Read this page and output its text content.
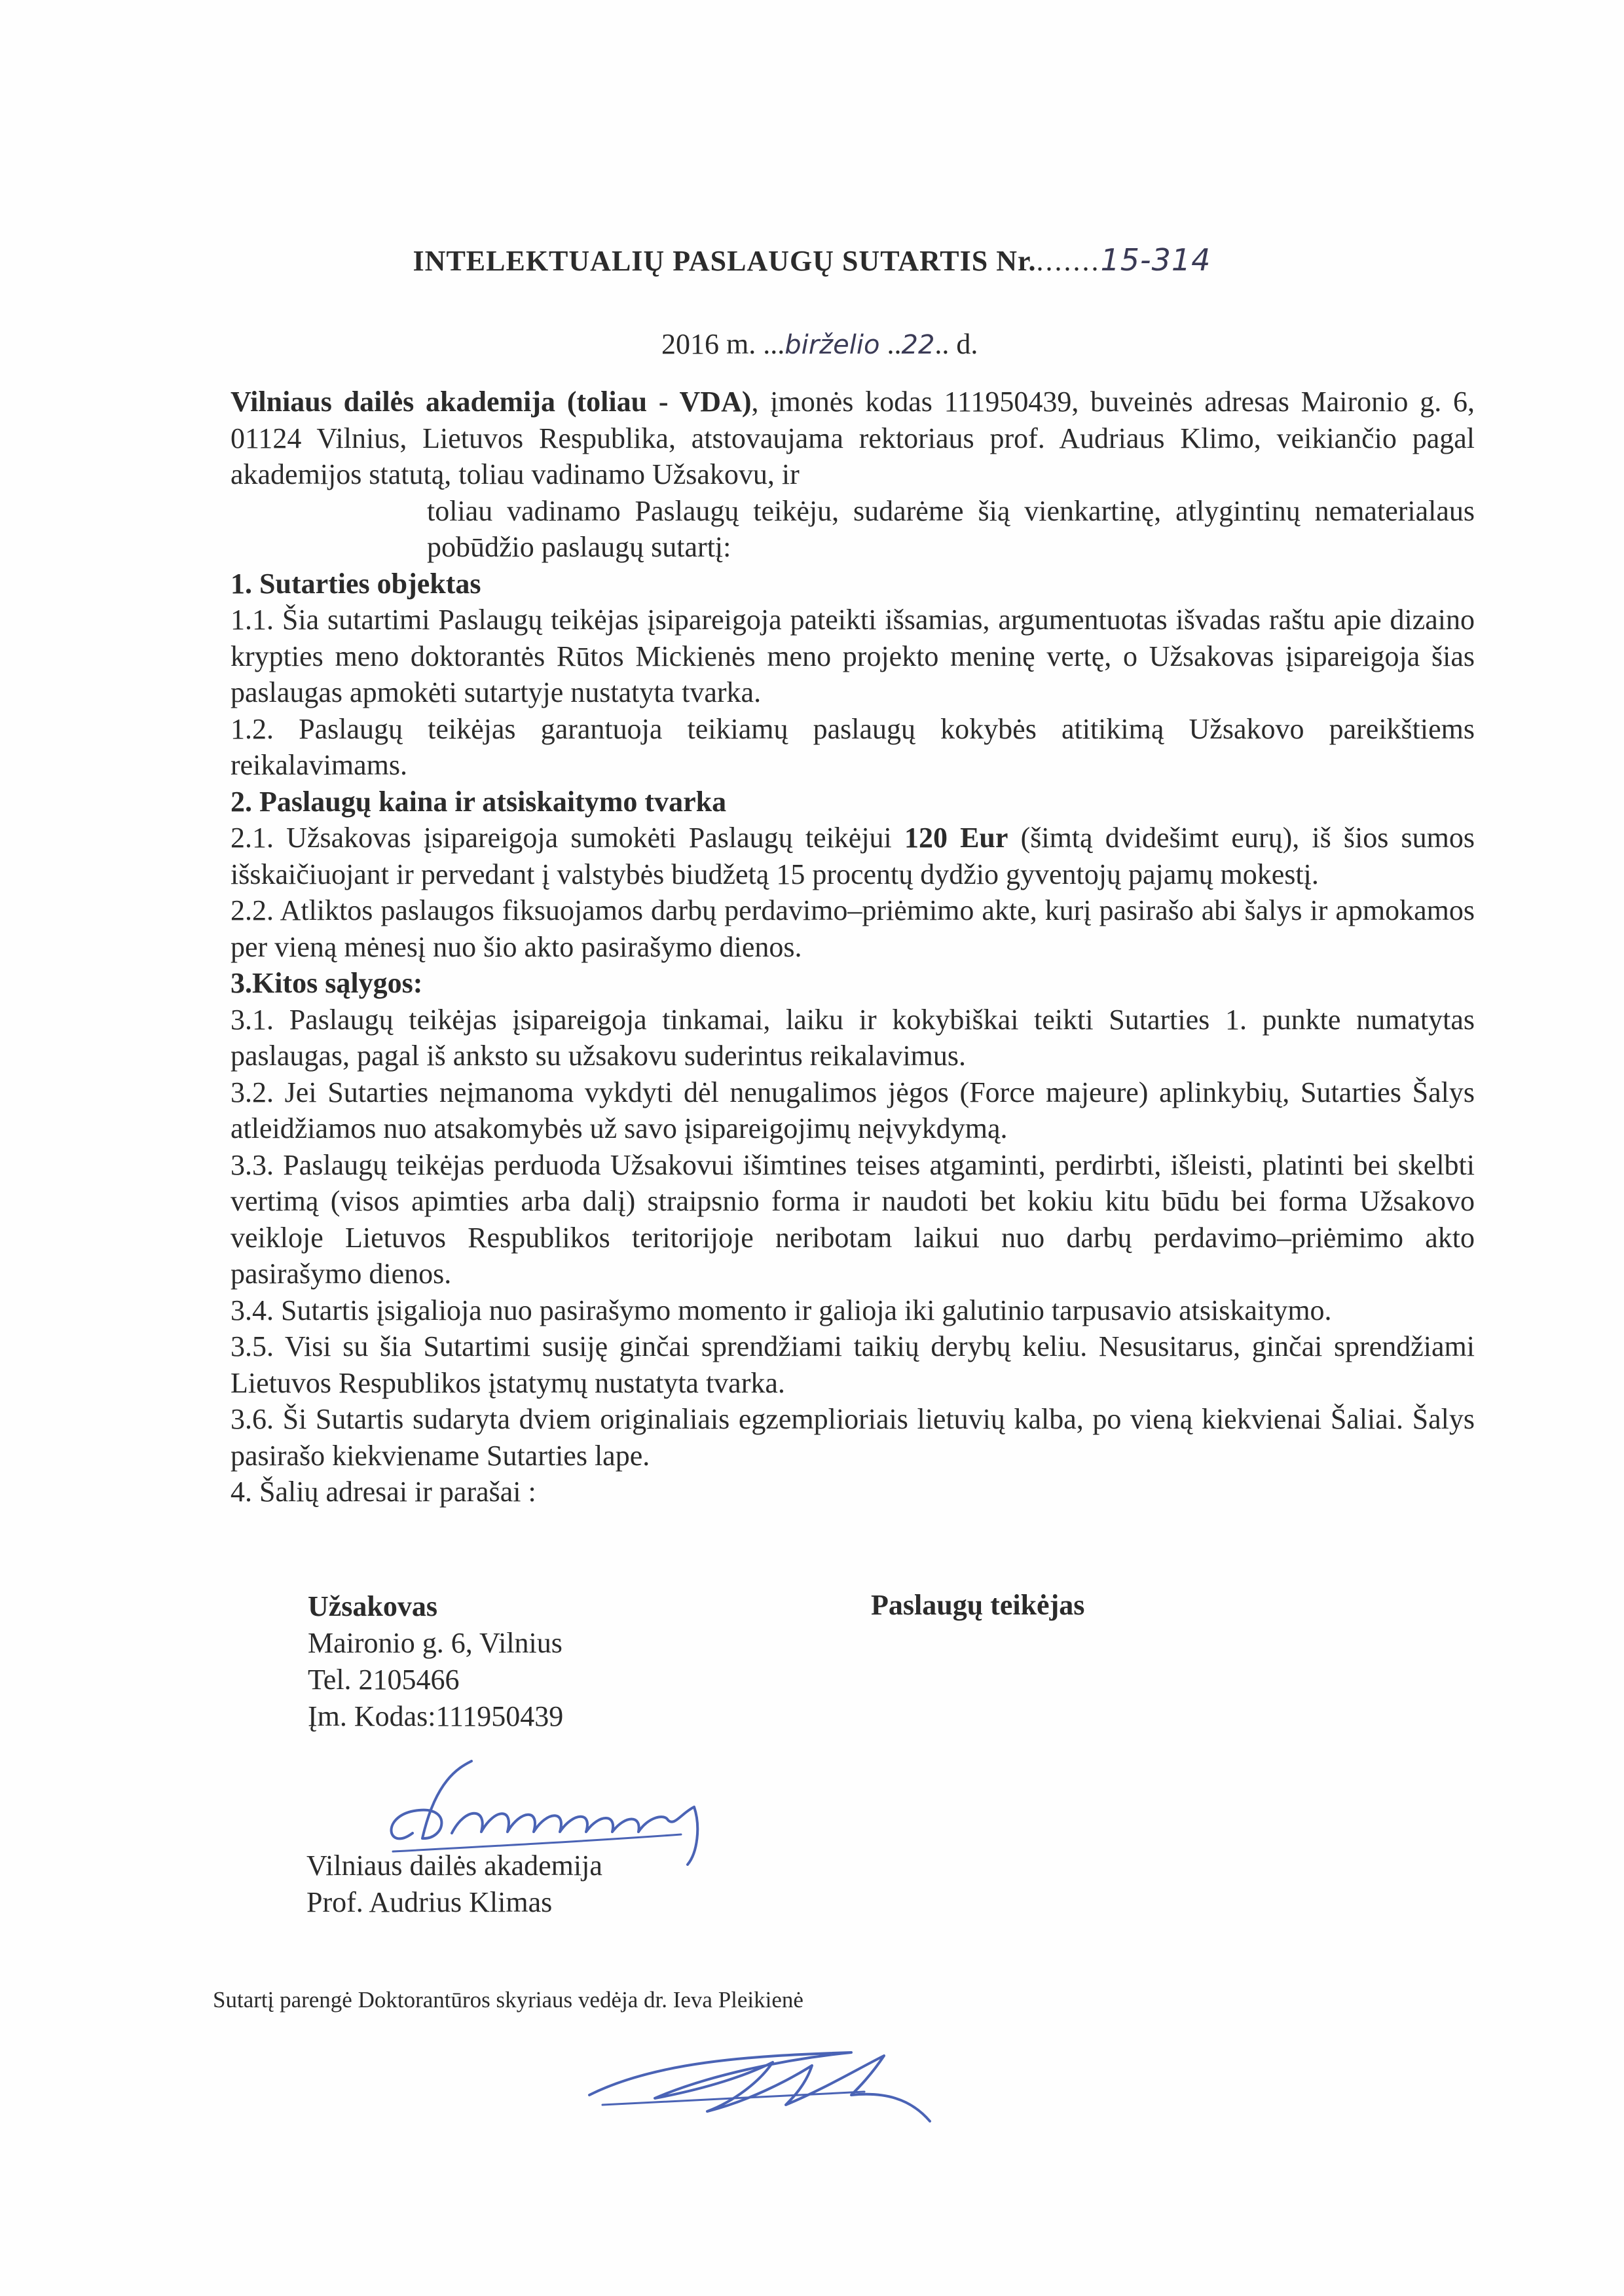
INTELEKTUALIŲ PASLAUGŲ SUTARTIS Nr........15-314
2016 m. ...birželio ..22.. d.

Vilniaus dailės akademija (toliau - VDA), įmonės kodas 111950439, buveinės adresas Maironio g. 6, 01124 Vilnius, Lietuvos Respublika, atstovaujama rektoriaus prof. Audriaus Klimo, veikiančio pagal akademijos statutą, toliau vadinamo Užsakovu, ir

toliau vadinamo Paslaugų teikėju, sudarėme šią vienkartinę, atlygintinų nematerialaus pobūdžio paslaugų sutartį:

1. Sutarties objektas

1.1. Šia sutartimi Paslaugų teikėjas įsipareigoja pateikti išsamias, argumentuotas išvadas raštu apie dizaino krypties meno doktorantės Rūtos Mickienės meno projekto meninę vertę, o Užsakovas įsipareigoja šias paslaugas apmokėti sutartyje nustatyta tvarka.

1.2. Paslaugų teikėjas garantuoja teikiamų paslaugų kokybės atitikimą Užsakovo pareikštiems reikalavimams.

2. Paslaugų kaina ir atsiskaitymo tvarka

2.1. Užsakovas įsipareigoja sumokėti Paslaugų teikėjui 120 Eur (šimtą dvidešimt eurų), iš šios sumos išskaičiuojant ir pervedant į valstybės biudžetą 15 procentų dydžio gyventojų pajamų mokestį.

2.2. Atliktos paslaugos fiksuojamos darbų perdavimo–priėmimo akte, kurį pasirašo abi šalys ir apmokamos per vieną mėnesį nuo šio akto pasirašymo dienos.

3.Kitos sąlygos:

3.1. Paslaugų teikėjas įsipareigoja tinkamai, laiku ir kokybiškai teikti Sutarties 1. punkte numatytas paslaugas, pagal iš anksto su užsakovu suderintus reikalavimus.

3.2. Jei Sutarties neįmanoma vykdyti dėl nenugalimos jėgos (Force majeure) aplinkybių, Sutarties Šalys atleidžiamos nuo atsakomybės už savo įsipareigojimų neįvykdymą.

3.3. Paslaugų teikėjas perduoda Užsakovui išimtines teises atgaminti, perdirbti, išleisti, platinti bei skelbti vertimą (visos apimties arba dalį) straipsnio forma ir naudoti bet kokiu kitu būdu bei forma Užsakovo veikloje Lietuvos Respublikos teritorijoje neribotam laikui nuo darbų perdavimo–priėmimo akto pasirašymo dienos.

3.4. Sutartis įsigalioja nuo pasirašymo momento ir galioja iki galutinio tarpusavio atsiskaitymo.

3.5. Visi su šia Sutartimi susiję ginčai sprendžiami taikių derybų keliu. Nesusitarus, ginčai sprendžiami Lietuvos Respublikos įstatymų nustatyta tvarka.

3.6. Ši Sutartis sudaryta dviem originaliais egzemplioriais lietuvių kalba, po vieną kiekvienai Šaliai. Šalys pasirašo kiekviename Sutarties lape.

4. Šalių adresai ir parašai :

Užsakovas
Maironio g. 6, Vilnius
Tel. 2105466
Įm. Kodas:111950439
Paslaugų teikėjas
Vilniaus dailės akademija
Prof. Audrius Klimas
Sutartį parengė Doktorantūros skyriaus vedėja dr. Ieva Pleikienė
